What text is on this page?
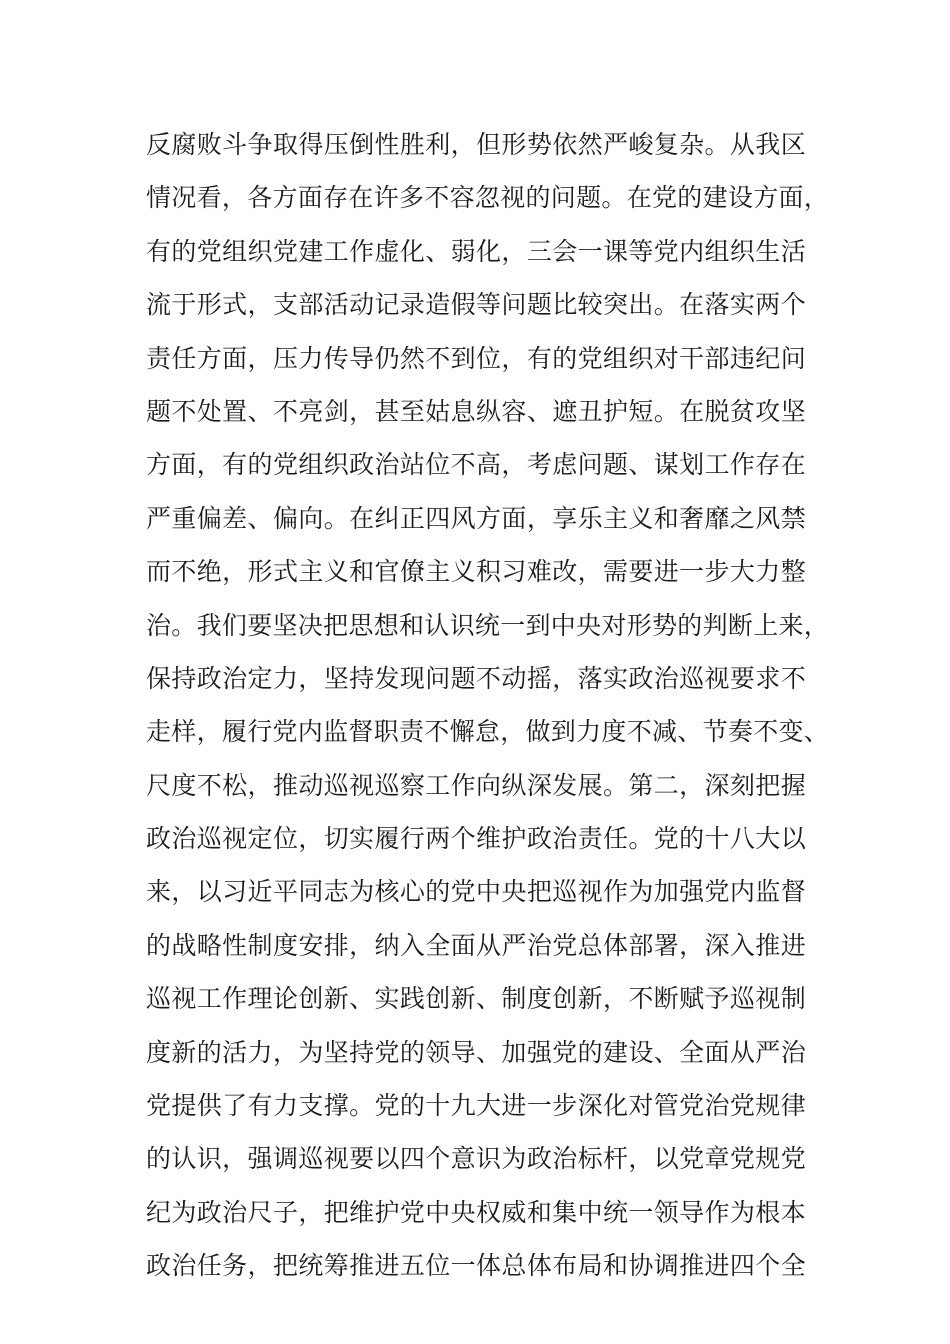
反腐败斗争取得压倒性胜利，但形势依然严峻复杂。从我区
情况看，各方面存在许多不容忽视的问题。在党的建设方面，
有的党组织党建工作虚化、弱化，三会一课等党内组织生活
流于形式，支部活动记录造假等问题比较突出。在落实两个
责任方面，压力传导仍然不到位，有的党组织对干部违纪问
题不处置、不亮剑，甚至姑息纵容、遮丑护短。在脱贫攻坚
方面，有的党组织政治站位不高，考虑问题、谋划工作存在
严重偏差、偏向。在纠正四风方面，享乐主义和奢靡之风禁
而不绝，形式主义和官僚主义积习难改，需要进一步大力整
治。我们要坚决把思想和认识统一到中央对形势的判断上来，
保持政治定力，坚持发现问题不动摇，落实政治巡视要求不
走样，履行党内监督职责不懈怠，做到力度不减、节奏不变、
尺度不松，推动巡视巡察工作向纵深发展。第二，深刻把握
政治巡视定位，切实履行两个维护政治责任。党的十八大以
来，以习近平同志为核心的党中央把巡视作为加强党内监督
的战略性制度安排，纳入全面从严治党总体部署，深入推进
巡视工作理论创新、实践创新、制度创新，不断赋予巡视制
度新的活力，为坚持党的领导、加强党的建设、全面从严治
党提供了有力支撑。党的十九大进一步深化对管党治党规律
的认识，强调巡视要以四个意识为政治标杆，以党章党规党
纪为政治尺子，把维护党中央权威和集中统一领导作为根本
政治任务，把统筹推进五位一体总体布局和协调推进四个全
